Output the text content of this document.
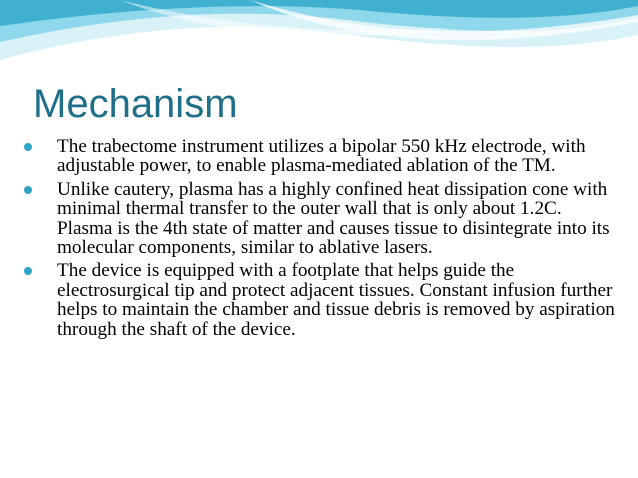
Mechanism
The trabectome instrument utilizes a bipolar 550 kHz electrode, with adjustable power, to enable plasma-mediated ablation of the TM.
Unlike cautery, plasma has a highly confined heat dissipation cone with minimal thermal transfer to the outer wall that is only about 1.2C. Plasma is the 4th state of matter and causes tissue to disintegrate into its molecular components, similar to ablative lasers.
The device is equipped with a footplate that helps guide the electrosurgical tip and protect adjacent tissues. Constant infusion further helps to maintain the chamber and tissue debris is removed by aspiration through the shaft of the device.
